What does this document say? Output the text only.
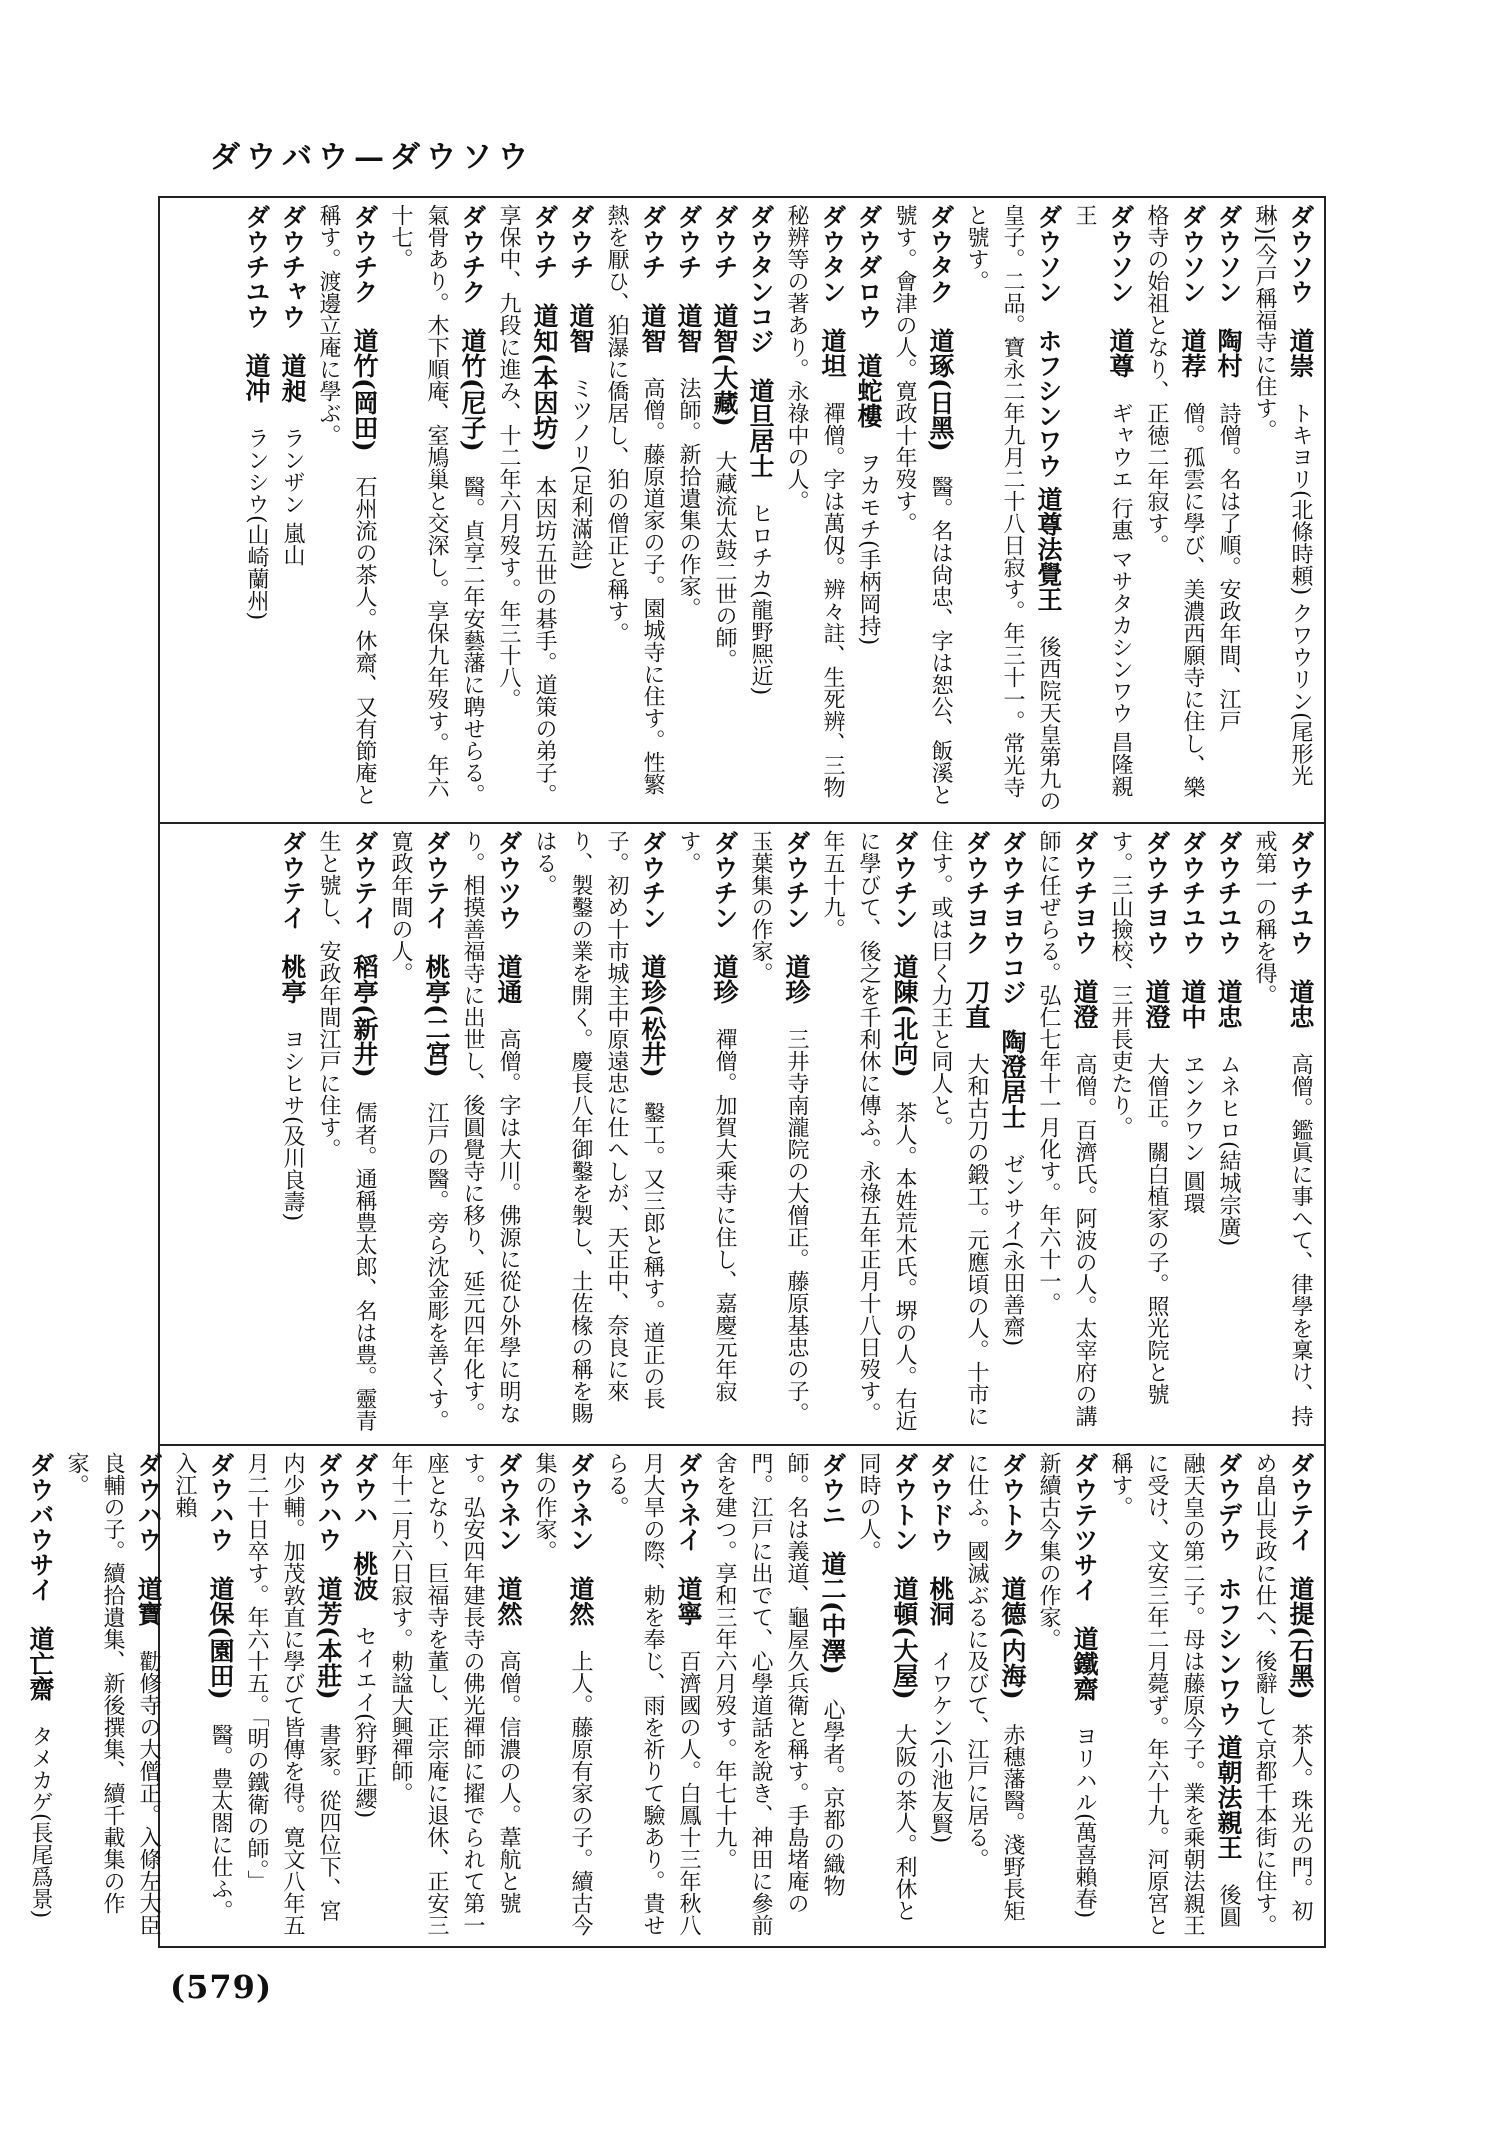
ダウバウ—ダウソウ

ダウソウ　道崇　トキヨリ(北條時頼) クワウリン(尾形光琳)[今戸稱福寺に住す。

ダウソン　陶村　詩僧。名は了順。安政年間、江戸

ダウソン　道荐　僧。孤雲に學び、美濃西願寺に住し、樂格寺の始祖となり、正徳二年寂す。

ダウソン　道尊　ギャウエ 行惠 マサタカシンワウ 昌隆親王

ダウソン　ホフシンワウ 道尊法覺王　後西院天皇第九の皇子。二品。寶永二年九月二十八日寂す。年三十一。常光寺と號す。

ダウタク　道琢(日黑)　醫。名は尙忠、字は恕公、飯溪と號す。會津の人。寛政十年歿す。

ダウダロウ　道蛇樓　ヲカモチ(手柄岡持)

ダウタン　道坦　禪僧。字は萬仭。辨々註、生死辨、三物秘辨等の著あり。永祿中の人。

ダウタンコジ　道旦居士　ヒロチカ(龍野熈近)

ダウチ　道智(大藏)　大藏流太鼓二世の師。

ダウチ　道智　法師。新拾遺集の作家。

ダウチ　道智　高僧。藤原道家の子。園城寺に住す。性繁熱を厭ひ、狛瀑に僑居し、狛の僧正と稱す。

ダウチ　道智　ミツノリ(足利滿詮)

ダウチ　道知(本因坊)　本因坊五世の碁手。道策の弟子。享保中、九段に進み、十二年六月歿す。年三十八。

ダウチク　道竹(尼子)　醫。貞享二年安藝藩に聘せらる。氣骨あり。木下順庵、室鳩巢と交深し。享保九年歿す。年六十七。

ダウチク　道竹(岡田)　石州流の茶人。休齋、又有節庵と稱す。渡邊立庵に學ぶ。

ダウチャウ　道昶　ランザン 嵐山

ダウチユウ　道冲　ランシウ(山崎蘭州)

ダウチユウ　道忠　高僧。鑑眞に事へて、律學を稟け、持戒第一の稱を得。

ダウチユウ　道忠　ムネヒロ(結城宗廣)

ダウチユウ　道中　ヱンクワン 圓環

ダウチヨウ　道澄　大僧正。關白植家の子。照光院と號す。三山撿校、三井長吏たり。

ダウチヨウ　道澄　高僧。百濟氏。阿波の人。太宰府の講師に任ぜらる。弘仁七年十一月化す。年六十一。

ダウチヨウコジ　陶澄居士　ゼンサイ(永田善齋)

ダウチヨク　刀直　大和古刀の鍛工。元應頃の人。十市に住す。或は曰く力王と同人と。

ダウチン　道陳(北向)　茶人。本姓荒木氏。堺の人。右近に學びて、後之を千利休に傳ふ。永祿五年正月十八日歿す。年五十九。

ダウチン　道珍　三井寺南瀧院の大僧正。藤原基忠の子。玉葉集の作家。

ダウチン　道珍　禪僧。加賀大乘寺に住し、嘉慶元年寂す。

ダウチン　道珍(松井)　鑿工。又三郎と稱す。道正の長子。初め十市城主中原遠忠に仕へしが、天正中、奈良に來り、製鑿の業を開く。慶長八年御鑿を製し、土佐椽の稱を賜はる。

ダウツウ　道通　高僧。字は大川。佛源に從ひ外學に明なり。相摸善福寺に出世し、後圓覺寺に移り、延元四年化す。

ダウテイ　桃亭(二宮)　江戸の醫。旁ら沈金彫を善くす。寛政年間の人。

ダウテイ　稻亭(新井)　儒者。通稱豊太郎、名は豊。靈青生と號し、安政年間江戸に住す。

ダウテイ　桃亭　ヨシヒサ(及川良壽)

ダウテイ　道提(石黑)　茶人。珠光の門。初め畠山長政に仕へ、後辭して京都千本街に住す。

ダウデウ　ホフシンワウ 道朝法親王　後圓融天皇の第二子。母は藤原今子。業を乘朝法親王に受け、文安三年二月薨ず。年六十九。河原宮と稱す。

ダウテツサイ　道鐵齋　ヨリハル(萬喜賴春) 新續古今集の作家。

ダウトク　道德(内海)　赤穗藩醫。淺野長矩に仕ふ。國滅ぶるに及びて、江戸に居る。

ダウドウ　桃洞　イワケン(小池友賢)

ダウトン　道頓(大屋)　大阪の茶人。利休と同時の人。

ダウニ　道二(中澤)　心學者。京都の織物師。名は義道、龜屋久兵衛と稱す。手島堵庵の門。江戸に出でて、心學道話を說き、神田に參前舍を建つ。享和三年六月歿す。年七十九。

ダウネイ　道寧　百濟國の人。白鳳十三年秋八月大旱の際、勅を奉じ、雨を祈りて驗あり。貴せらる。

ダウネン　道然　上人。藤原有家の子。續古今集の作家。

ダウネン　道然　高僧。信濃の人。葦航と號す。弘安四年建長寺の佛光禪師に擢でられて第一座となり、巨福寺を董し、正宗庵に退休、正安三年十二月六日寂す。勅諡大興禪師。

ダウハ　桃波　セイエイ(狩野正纓)

ダウハウ　道芳(本莊)　書家。從四位下、宮内少輔。加茂敦直に學びて皆傳を得。寛文八年五月二十日卒す。年六十五。「明の鐵衛の師。」

ダウハウ　道保(園田)　醫。豊太閤に仕ふ。入江賴

ダウハウ　道寶　勸修寺の大僧正。入條左大臣良輔の子。續拾遺集、新後撰集、續千載集の作家。

ダウバウサイ　道亡齋　タメカゲ(長尾爲景)

(579)
